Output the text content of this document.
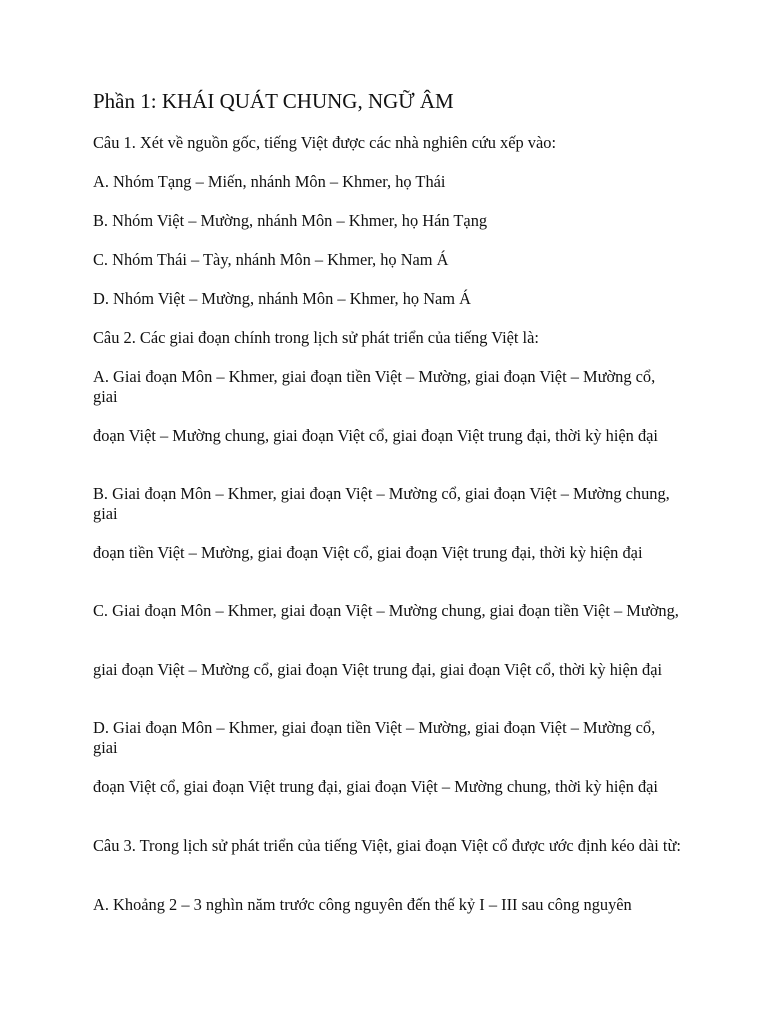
Phần 1: KHÁI QUÁT CHUNG, NGỮ ÂM
Câu 1. Xét về nguồn gốc, tiếng Việt được các nhà nghiên cứu xếp vào:
A. Nhóm Tạng – Miến, nhánh Môn – Khmer, họ Thái
B. Nhóm Việt – Mường, nhánh Môn – Khmer, họ Hán Tạng
C. Nhóm Thái – Tày, nhánh Môn – Khmer, họ Nam Á
D. Nhóm Việt – Mường, nhánh Môn – Khmer, họ Nam Á
Câu 2. Các giai đoạn chính trong lịch sử phát triển của tiếng Việt là:
A. Giai đoạn Môn – Khmer, giai đoạn tiền Việt – Mường, giai đoạn Việt – Mường cổ, giai
đoạn Việt – Mường chung, giai đoạn Việt cổ, giai đoạn Việt trung đại, thời kỳ hiện đại
B. Giai đoạn Môn – Khmer, giai đoạn Việt – Mường cổ, giai đoạn Việt – Mường chung, giai
đoạn tiền Việt – Mường, giai đoạn Việt cổ, giai đoạn Việt trung đại, thời kỳ hiện đại
C. Giai đoạn Môn – Khmer, giai đoạn Việt – Mường chung, giai đoạn tiền Việt – Mường,
giai đoạn Việt – Mường cổ, giai đoạn Việt trung đại, giai đoạn Việt cổ, thời kỳ hiện đại
D. Giai đoạn Môn – Khmer, giai đoạn tiền Việt – Mường, giai đoạn Việt – Mường cổ, giai
đoạn Việt cổ, giai đoạn Việt trung đại, giai đoạn Việt – Mường chung, thời kỳ hiện đại
Câu 3. Trong lịch sử phát triển của tiếng Việt, giai đoạn Việt cổ được ước định kéo dài từ:
A. Khoảng 2 – 3 nghìn năm trước công nguyên đến thế kỷ I – III sau công nguyên
